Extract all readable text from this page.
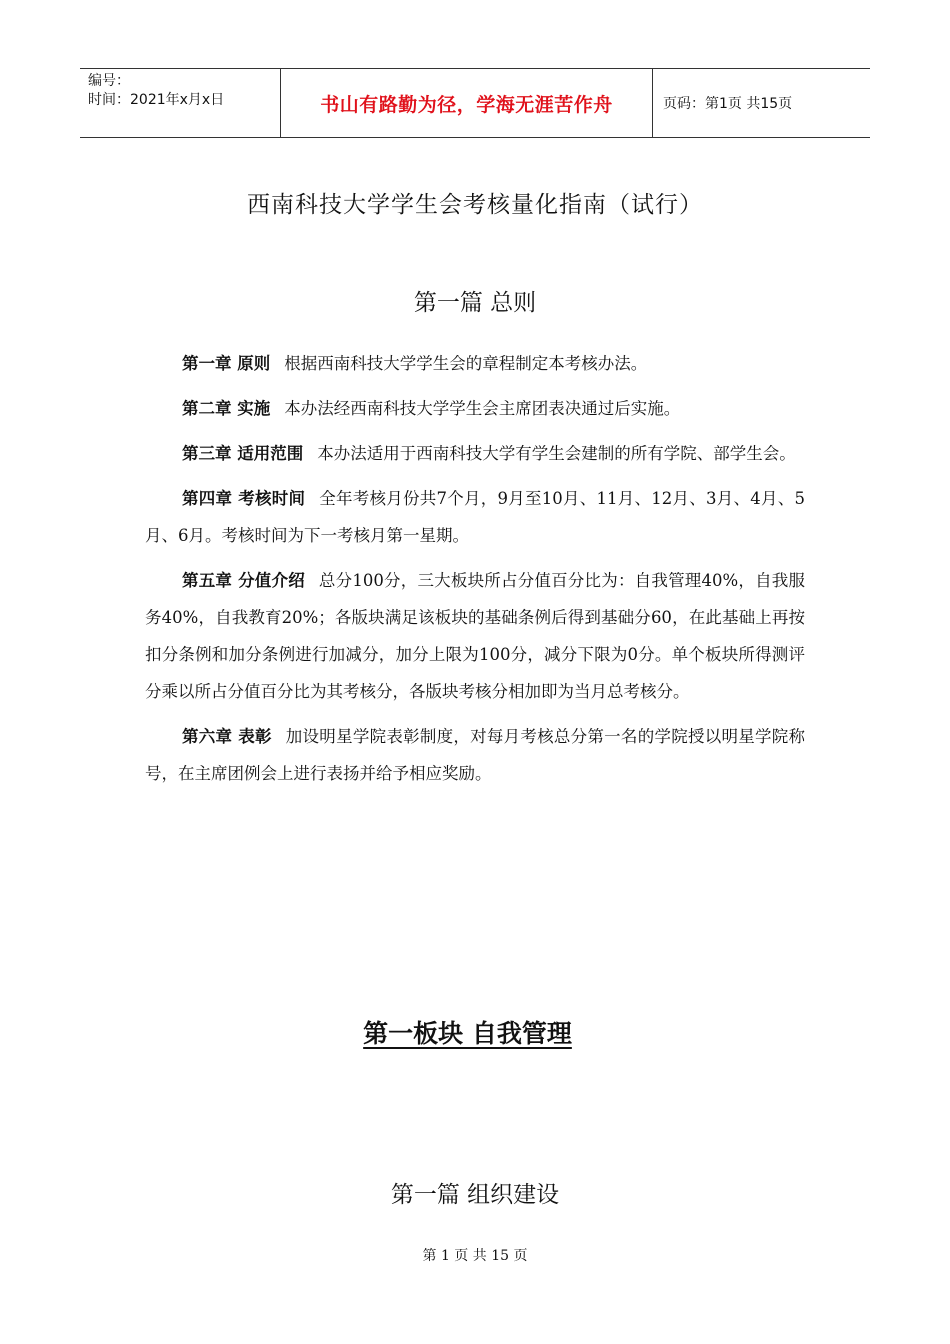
编号：
时间：2021年x月x日	书山有路勤为径，学海无涯苦作舟	页码：第1页 共15页
西南科技大学学生会考核量化指南（试行）
第一篇 总则

第一章 原则 根据西南科技大学学生会的章程制定本考核办法。

第二章 实施 本办法经西南科技大学学生会主席团表决通过后实施。

第三章 适用范围 本办法适用于西南科技大学有学生会建制的所有学院、部学生会。

第四章 考核时间 全年考核月份共7个月，9月至10月、11月、12月、3月、4月、5月、6月。考核时间为下一考核月第一星期。

第五章 分值介绍 总分100分，三大板块所占分值百分比为：自我管理40%，自我服务40%，自我教育20%；各版块满足该板块的基础条例后得到基础分60，在此基础上再按扣分条例和加分条例进行加减分，加分上限为100分，减分下限为0分。单个板块所得测评分乘以所占分值百分比为其考核分，各版块考核分相加即为当月总考核分。

第六章 表彰 加设明星学院表彰制度，对每月考核总分第一名的学院授以明星学院称号，在主席团例会上进行表扬并给予相应奖励。

第一板块 自我管理
第一篇 组织建设
第 1 页 共 15 页
